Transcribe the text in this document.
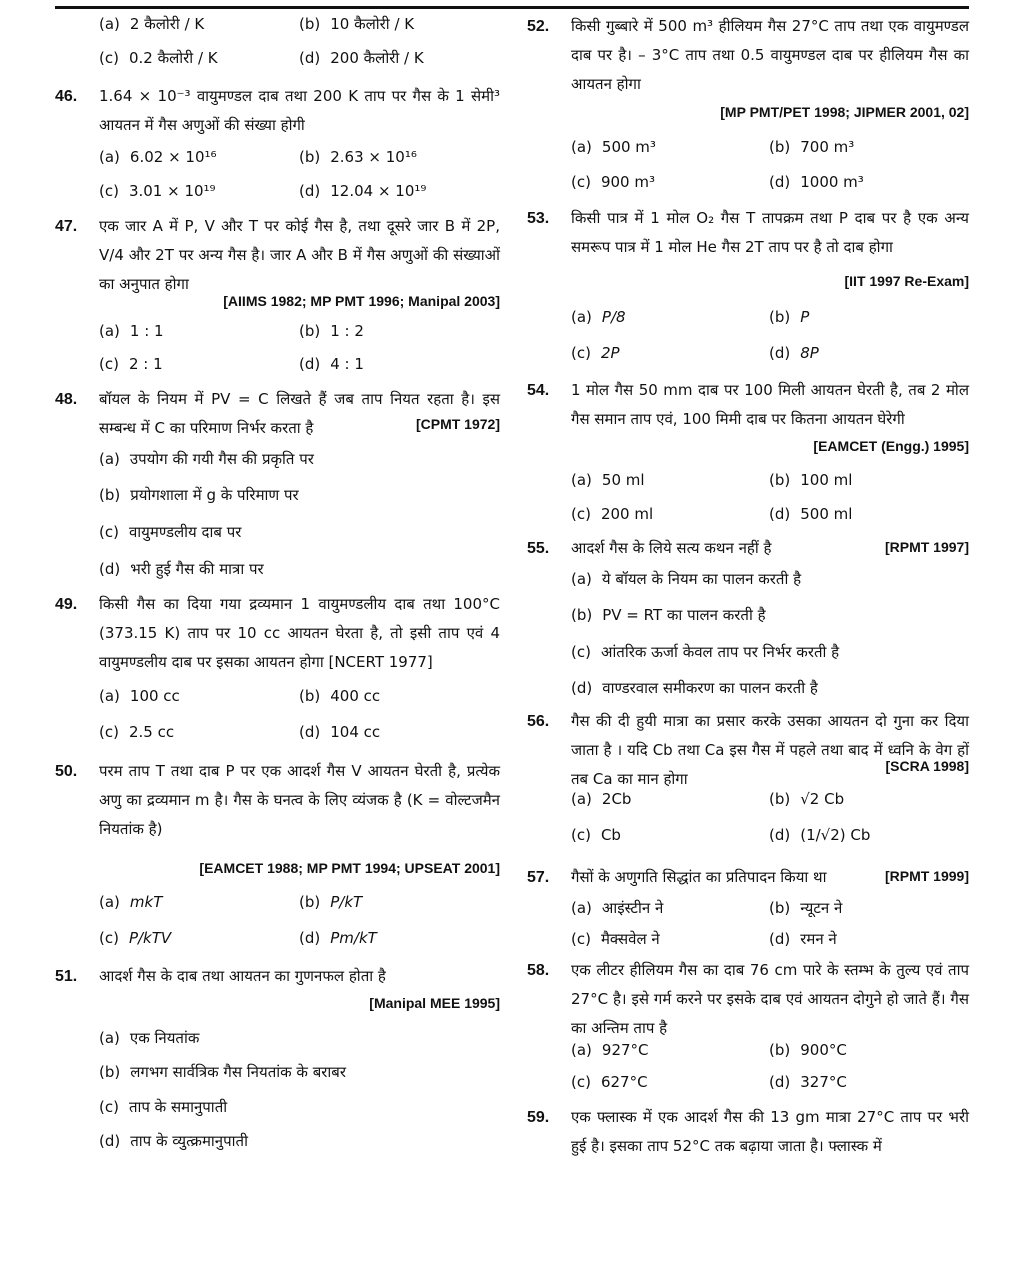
(a) 2 कैलोरी / K	(b) 10 कैलोरी / K
(c) 0.2 कैलोरी / K	(d) 200 कैलोरी / K
46. 1.64 × 10⁻³ वायुमण्डल दाब तथा 200 K ताप पर गैस के 1 सेमी³ आयतन में गैस अणुओं की संख्या होगी
(a) 6.02 × 10¹⁶	(b) 2.63 × 10¹⁶
(c) 3.01 × 10¹⁹	(d) 12.04 × 10¹⁹
47. एक जार A में P, V और T पर कोई गैस है, तथा दूसरे जार B में 2P, V/4 और 2T पर अन्य गैस है। जार A और B में गैस अणुओं की संख्याओं का अनुपात होगा
[AIIMS 1982; MP PMT 1996; Manipal 2003]
(a) 1 : 1	(b) 1 : 2
(c) 2 : 1	(d) 4 : 1
48. बॉयल के नियम में PV = C लिखते हैं जब ताप नियत रहता है। इस सम्बन्ध में C का परिमाण निर्भर करता है	[CPMT 1972]
(a) उपयोग की गयी गैस की प्रकृति पर
(b) प्रयोगशाला में g के परिमाण पर
(c) वायुमण्डलीय दाब पर
(d) भरी हुई गैस की मात्रा पर
49. किसी गैस का दिया गया द्रव्यमान 1 वायुमण्डलीय दाब तथा 100°C (373.15 K) ताप पर 10 cc आयतन घेरता है, तो इसी ताप एवं 4 वायुमण्डलीय दाब पर इसका आयतन होगा [NCERT 1977]
(a) 100 cc	(b) 400 cc
(c) 2.5 cc	(d) 104 cc
50. परम ताप T तथा दाब P पर एक आदर्श गैस V आयतन घेरती है, प्रत्येक अणु का द्रव्यमान m है। गैस के घनत्व के लिए व्यंजक है (K = वोल्टजमैन नियतांक है)
[EAMCET 1988; MP PMT 1994; UPSEAT 2001]
(a) mkT	(b) P/kT
(c) P/kTV	(d) Pm/kT
51. आदर्श गैस के दाब तथा आयतन का गुणनफल होता है
[Manipal MEE 1995]
(a) एक नियतांक
(b) लगभग सार्वत्रिक गैस नियतांक के बराबर
(c) ताप के समानुपाती
(d) ताप के व्युत्क्रमानुपाती
52. किसी गुब्बारे में 500 m³ हीलियम गैस 27°C ताप तथा एक वायुमण्डल दाब पर है। – 3°C ताप तथा 0.5 वायुमण्डल दाब पर हीलियम गैस का आयतन होगा
[MP PMT/PET 1998; JIPMER 2001, 02]
(a) 500 m³	(b) 700 m³
(c) 900 m³	(d) 1000 m³
53. किसी पात्र में 1 मोल O₂ गैस T तापक्रम तथा P दाब पर है एक अन्य समरूप पात्र में 1 मोल He गैस 2T ताप पर है तो दाब होगा
[IIT 1997 Re-Exam]
(a) P/8	(b) P
(c) 2P	(d) 8P
54. 1 मोल गैस 50 mm दाब पर 100 मिली आयतन घेरती है, तब 2 मोल गैस समान ताप एवं, 100 मिमी दाब पर कितना आयतन घेरेगी
[EAMCET (Engg.) 1995]
(a) 50 ml	(b) 100 ml
(c) 200 ml	(d) 500 ml
55. आदर्श गैस के लिये सत्य कथन नहीं है	[RPMT 1997]
(a) ये बॉयल के नियम का पालन करती है
(b) PV = RT का पालन करती है
(c) आंतरिक ऊर्जा केवल ताप पर निर्भर करती है
(d) वाण्डरवाल समीकरण का पालन करती है
56. गैस की दी हुयी मात्रा का प्रसार करके उसका आयतन दो गुना कर दिया जाता है । यदि Cb तथा Ca इस गैस में पहले तथा बाद में ध्वनि के वेग हों तब Ca का मान होगा
[SCRA 1998]
(a) 2Cb	(b) √2 Cb
(c) Cb	(d) (1/√2) Cb
57. गैसों के अणुगति सिद्धांत का प्रतिपादन किया था	[RPMT 1999]
(a) आइंस्टीन ने	(b) न्यूटन ने
(c) मैक्सवेल ने	(d) रमन ने
58. एक लीटर हीलियम गैस का दाब 76 cm पारे के स्तम्भ के तुल्य एवं ताप 27°C है। इसे गर्म करने पर इसके दाब एवं आयतन दोगुने हो जाते हैं। गैस का अन्तिम ताप है
(a) 927°C	(b) 900°C
(c) 627°C	(d) 327°C
59. एक फ्लास्क में एक आदर्श गैस की 13 gm मात्रा 27°C ताप पर भरी हुई है। इसका ताप 52°C तक बढ़ाया जाता है। फ्लास्क में
